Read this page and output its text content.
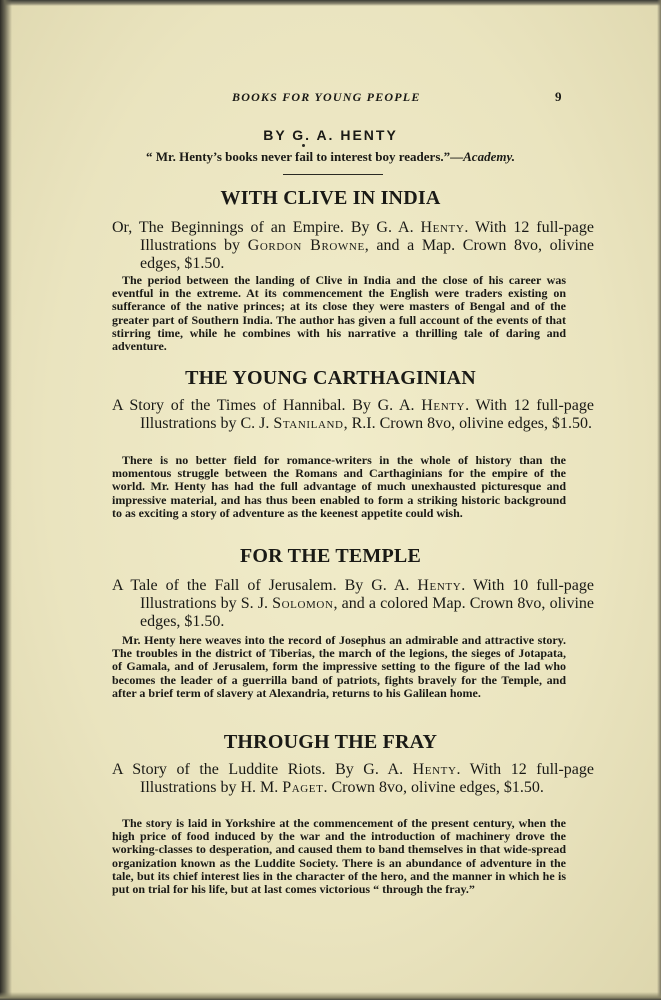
BOOKS FOR YOUNG PEOPLE	9
BY G. A. HENTY
“ Mr. Henty’s books never fail to interest boy readers.”—Academy.
WITH CLIVE IN INDIA
Or, The Beginnings of an Empire. By G. A. Henty. With 12 full-page Illustrations by Gordon Browne, and a Map. Crown 8vo, olivine edges, $1.50.
The period between the landing of Clive in India and the close of his career was eventful in the extreme. At its commencement the English were traders existing on sufferance of the native princes; at its close they were masters of Bengal and of the greater part of Southern India. The author has given a full account of the events of that stirring time, while he combines with his narrative a thrilling tale of daring and adventure.
THE YOUNG CARTHAGINIAN
A Story of the Times of Hannibal. By G. A. Henty. With 12 full-page Illustrations by C. J. Staniland, R.I. Crown 8vo, olivine edges, $1.50.
There is no better field for romance-writers in the whole of history than the momentous struggle between the Romans and Carthaginians for the empire of the world. Mr. Henty has had the full advantage of much unexhausted picturesque and impressive material, and has thus been enabled to form a striking historic background to as exciting a story of adventure as the keenest appetite could wish.
FOR THE TEMPLE
A Tale of the Fall of Jerusalem. By G. A. Henty. With 10 full-page Illustrations by S. J. Solomon, and a colored Map. Crown 8vo, olivine edges, $1.50.
Mr. Henty here weaves into the record of Josephus an admirable and attractive story. The troubles in the district of Tiberias, the march of the legions, the sieges of Jotapata, of Gamala, and of Jerusalem, form the impressive setting to the figure of the lad who becomes the leader of a guerrilla band of patriots, fights bravely for the Temple, and after a brief term of slavery at Alexandria, returns to his Galilean home.
THROUGH THE FRAY
A Story of the Luddite Riots. By G. A. Henty. With 12 full-page Illustrations by H. M. Paget. Crown 8vo, olivine edges, $1.50.
The story is laid in Yorkshire at the commencement of the present century, when the high price of food induced by the war and the introduction of machinery drove the working-classes to desperation, and caused them to band themselves in that wide-spread organization known as the Luddite Society. There is an abundance of adventure in the tale, but its chief interest lies in the character of the hero, and the manner in which he is put on trial for his life, but at last comes victorious “ through the fray.”
